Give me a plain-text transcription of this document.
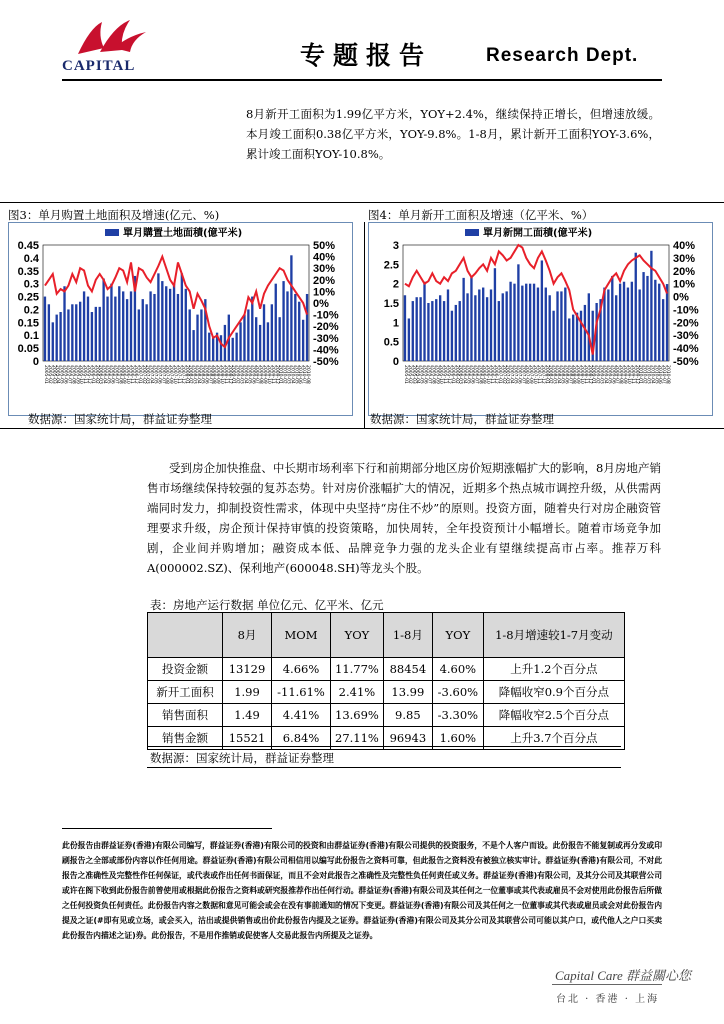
CAPITAL	专题报告	Research Dept.
8月新开工面积为1.99亿平方米，YOY+2.4%，继续保持正增长，但增速放缓。本月竣工面积0.38亿平方米，YOY-9.8%。1-8月，累计新开工面积YOY-3.6%，累计竣工面积YOY-10.8%。
图3：单月购置土地面积及增速(亿元、%)	图4：单月新开工面积及增速（亿平米、%）
單月購置土地面積(億平米)
0
0.05
0.1
0.15
0.2
0.25
0.3
0.35
0.4
0.45	50%
40%
30%
20%
10%
0%
-10%
-20%
-30%
-40%
-50%
2005-01
2005-02
2005-03
2005-04
2005-05
2005-06
2005-07
2005-08
2005-09
2005-10
2005-11
2005-12
2006-01
2006-02
2006-03
2006-04
2006-05
2006-06
2006-07
2006-08
2006-09
2006-10
2006-11
2006-12
2007-01
2007-02
2007-03
2007-04
2007-05
2007-06
2007-07
2007-08
2007-09
2007-10
2007-11
2007-12
2008-01
2008-02
2008-03
2008-04
2008-05
2008-06
2008-07
2008-08
2008-09
2008-10
2008-11
2008-12
2009-01
2009-02
2009-03
2009-04
2009-05
2009-06
2009-07
2009-08
2009-09
2009-10
2009-11
2009-12
2010-01
2010-02
2010-03
2010-04
2010-05
2010-06
2010-07
2010-08
單月新開工面積(億平米)
0
0.5
1
1.5
2
2.5
3	40%
30%
20%
10%
0%
-10%
-20%
-30%
-40%
-50%
2005-01
2005-02
2005-03
2005-04
2005-05
2005-06
2005-07
2005-08
2005-09
2005-10
2005-11
2005-12
2006-01
2006-02
2006-03
2006-04
2006-05
2006-06
2006-07
2006-08
2006-09
2006-10
2006-11
2006-12
2007-01
2007-02
2007-03
2007-04
2007-05
2007-06
2007-07
2007-08
2007-09
2007-10
2007-11
2007-12
2008-01
2008-02
2008-03
2008-04
2008-05
2008-06
2008-07
2008-08
2008-09
2008-10
2008-11
2008-12
2009-01
2009-02
2009-03
2009-04
2009-05
2009-06
2009-07
2009-08
2009-09
2009-10
2009-11
2009-12
2010-01
2010-02
2010-03
2010-04
2010-05
2010-06
2010-07
2010-08
数据源：国家统计局，群益证券整理	数据源：国家统计局，群益证券整理
受到房企加快推盘、中长期市场利率下行和前期部分地区房价短期涨幅扩大的影响，8月房地产销售市场继续保持较强的复苏态势。针对房价涨幅扩大的情况，近期多个热点城市调控升级，从供需两端同时发力，抑制投资性需求，体现中央坚持“房住不炒”的原则。投资方面，随着央行对房企融资管理要求升级，房企预计保持审慎的投资策略，加快周转，全年投资预计小幅增长。随着市场竞争加剧，企业间并购增加；融资成本低、品牌竞争力强的龙头企业有望继续提高市占率。推荐万科A(000002.SZ)、保利地产(600048.SH)等龙头个股。
表：房地产运行数据 单位亿元、亿平米、亿元
	8月	MOM	YOY	1-8月	YOY	1-8月增速较1-7月变动
投资金额	13129	4.66%	11.77%	88454	4.60%	上升1.2个百分点
新开工面积	1.99	-11.61%	2.41%	13.99	-3.60%	降幅收窄0.9个百分点
销售面积	1.49	4.41%	13.69%	9.85	-3.30%	降幅收窄2.5个百分点
销售金额	15521	6.84%	27.11%	96943	1.60%	上升3.7个百分点
数据源：国家统计局，群益证券整理
此份报告由群益证券(香港)有限公司编写，群益证券(香港)有限公司的投资和由群益证券(香港)有限公司提供的投资服务，不是个人客户而设。此份报告不能复制或再分发或印刷报告之全部或部份内容以作任何用途。群益证券(香港)有限公司相信用以编写此份报告之资料可靠，但此报告之资料没有被独立核实审计。群益证券(香港)有限公司，不对此报告之准确性及完整性作任何保证，或代表或作出任何书面保证，而且不会对此报告之准确性及完整性负任何责任或义务。群益证券(香港)有限公司，及其分公司及其联营公司或许在阁下收到此份报告前曾使用或根据此份报告之资料或研究报推荐作出任何行动。群益证券(香港)有限公司及其任何之一位董事或其代表或雇员不会对使用此份报告后所做之任何投资负任何责任。此份报告内容之数据和意见可能会或会在没有事前通知的情况下变更。群益证券(香港)有限公司及其任何之一位董事或其代表或雇员或会对此份报告内提及之证(#即有见或立场，或会买入，沽出或提供销售或出价此份报告内提及之证券。群益证券(香港)有限公司及其分公司及其联营公司可能以其户口，或代他人之户口买卖此份报告内描述之证)券。此份报告，不是用作推销或促使客人交易此报告内所提及之证券。
Capital Care 群益關心您
台北 · 香港 · 上海
